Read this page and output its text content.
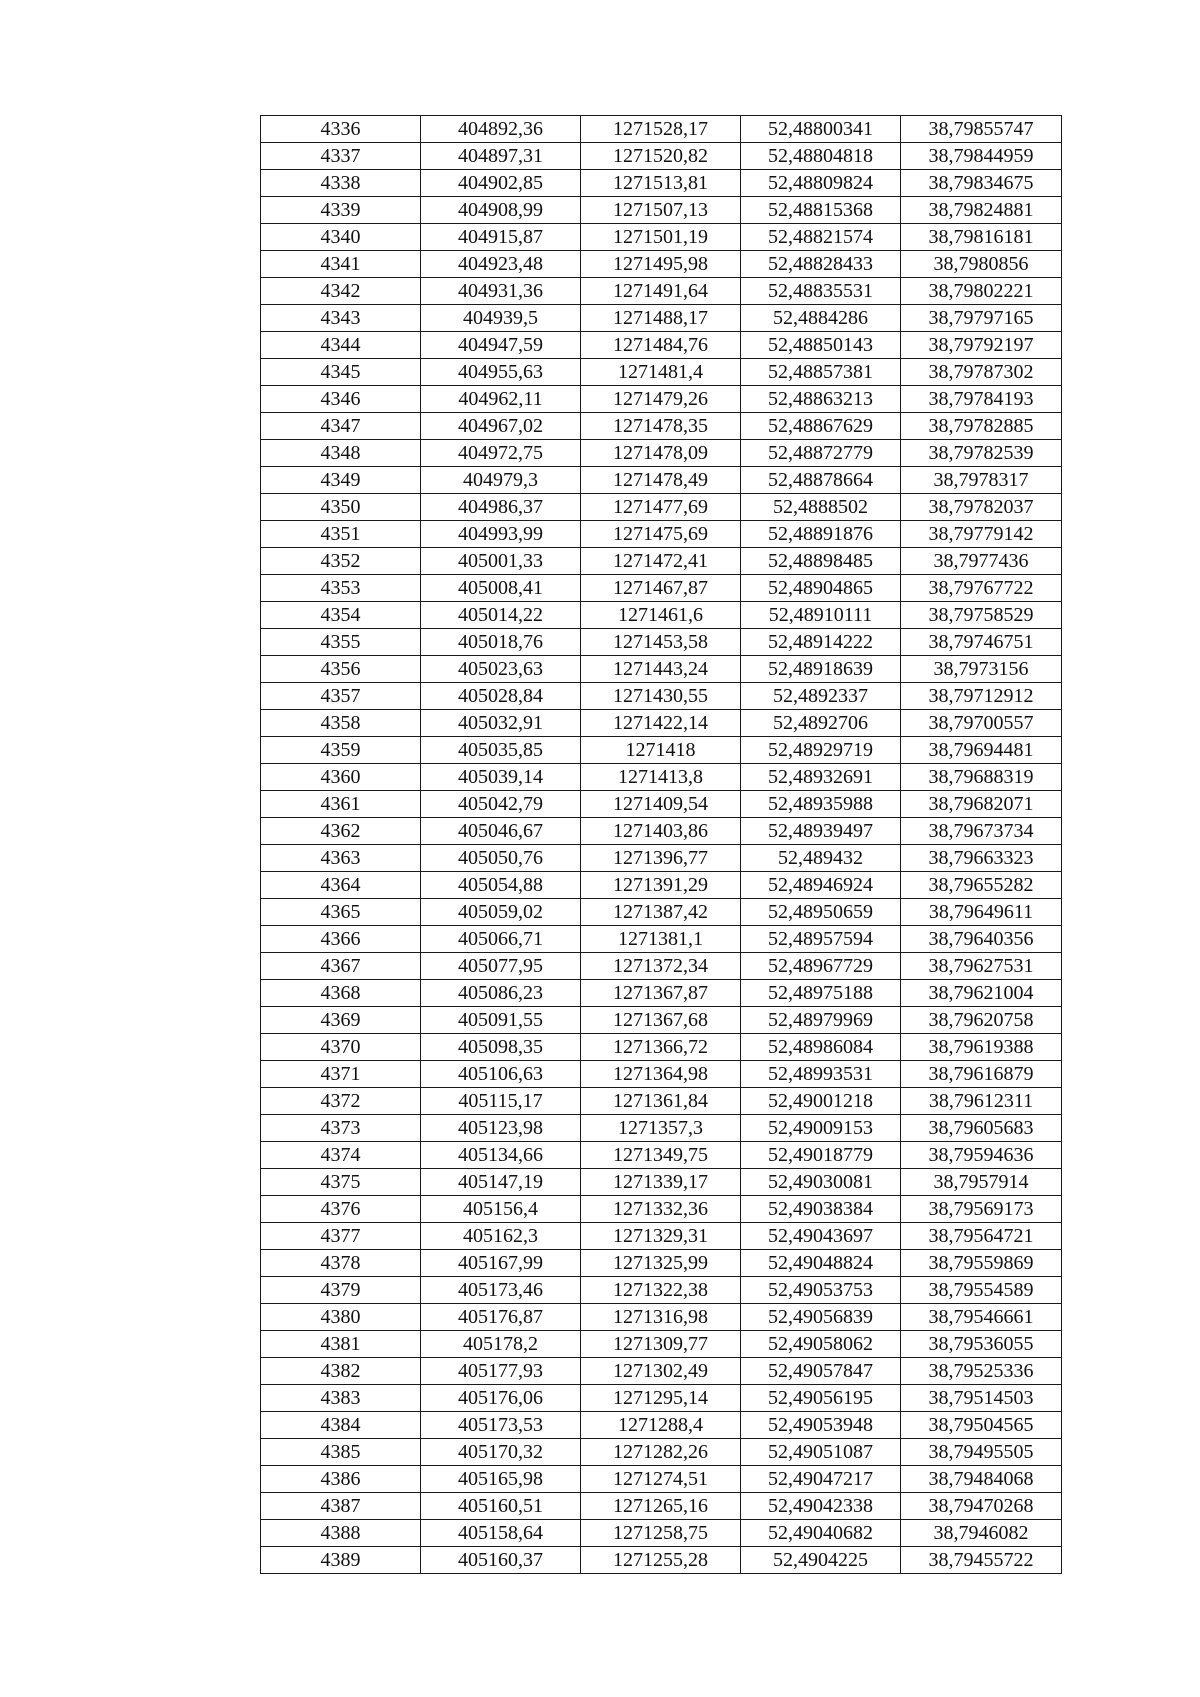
4336	404892,36	1271528,17	52,48800341	38,79855747
4337	404897,31	1271520,82	52,48804818	38,79844959
4338	404902,85	1271513,81	52,48809824	38,79834675
4339	404908,99	1271507,13	52,48815368	38,79824881
4340	404915,87	1271501,19	52,48821574	38,79816181
4341	404923,48	1271495,98	52,48828433	38,7980856
4342	404931,36	1271491,64	52,48835531	38,79802221
4343	404939,5	1271488,17	52,4884286	38,79797165
4344	404947,59	1271484,76	52,48850143	38,79792197
4345	404955,63	1271481,4	52,48857381	38,79787302
4346	404962,11	1271479,26	52,48863213	38,79784193
4347	404967,02	1271478,35	52,48867629	38,79782885
4348	404972,75	1271478,09	52,48872779	38,79782539
4349	404979,3	1271478,49	52,48878664	38,7978317
4350	404986,37	1271477,69	52,4888502	38,79782037
4351	404993,99	1271475,69	52,48891876	38,79779142
4352	405001,33	1271472,41	52,48898485	38,7977436
4353	405008,41	1271467,87	52,48904865	38,79767722
4354	405014,22	1271461,6	52,48910111	38,79758529
4355	405018,76	1271453,58	52,48914222	38,79746751
4356	405023,63	1271443,24	52,48918639	38,7973156
4357	405028,84	1271430,55	52,4892337	38,79712912
4358	405032,91	1271422,14	52,4892706	38,79700557
4359	405035,85	1271418	52,48929719	38,79694481
4360	405039,14	1271413,8	52,48932691	38,79688319
4361	405042,79	1271409,54	52,48935988	38,79682071
4362	405046,67	1271403,86	52,48939497	38,79673734
4363	405050,76	1271396,77	52,489432	38,79663323
4364	405054,88	1271391,29	52,48946924	38,79655282
4365	405059,02	1271387,42	52,48950659	38,79649611
4366	405066,71	1271381,1	52,48957594	38,79640356
4367	405077,95	1271372,34	52,48967729	38,79627531
4368	405086,23	1271367,87	52,48975188	38,79621004
4369	405091,55	1271367,68	52,48979969	38,79620758
4370	405098,35	1271366,72	52,48986084	38,79619388
4371	405106,63	1271364,98	52,48993531	38,79616879
4372	405115,17	1271361,84	52,49001218	38,79612311
4373	405123,98	1271357,3	52,49009153	38,79605683
4374	405134,66	1271349,75	52,49018779	38,79594636
4375	405147,19	1271339,17	52,49030081	38,7957914
4376	405156,4	1271332,36	52,49038384	38,79569173
4377	405162,3	1271329,31	52,49043697	38,79564721
4378	405167,99	1271325,99	52,49048824	38,79559869
4379	405173,46	1271322,38	52,49053753	38,79554589
4380	405176,87	1271316,98	52,49056839	38,79546661
4381	405178,2	1271309,77	52,49058062	38,79536055
4382	405177,93	1271302,49	52,49057847	38,79525336
4383	405176,06	1271295,14	52,49056195	38,79514503
4384	405173,53	1271288,4	52,49053948	38,79504565
4385	405170,32	1271282,26	52,49051087	38,79495505
4386	405165,98	1271274,51	52,49047217	38,79484068
4387	405160,51	1271265,16	52,49042338	38,79470268
4388	405158,64	1271258,75	52,49040682	38,7946082
4389	405160,37	1271255,28	52,4904225	38,79455722
